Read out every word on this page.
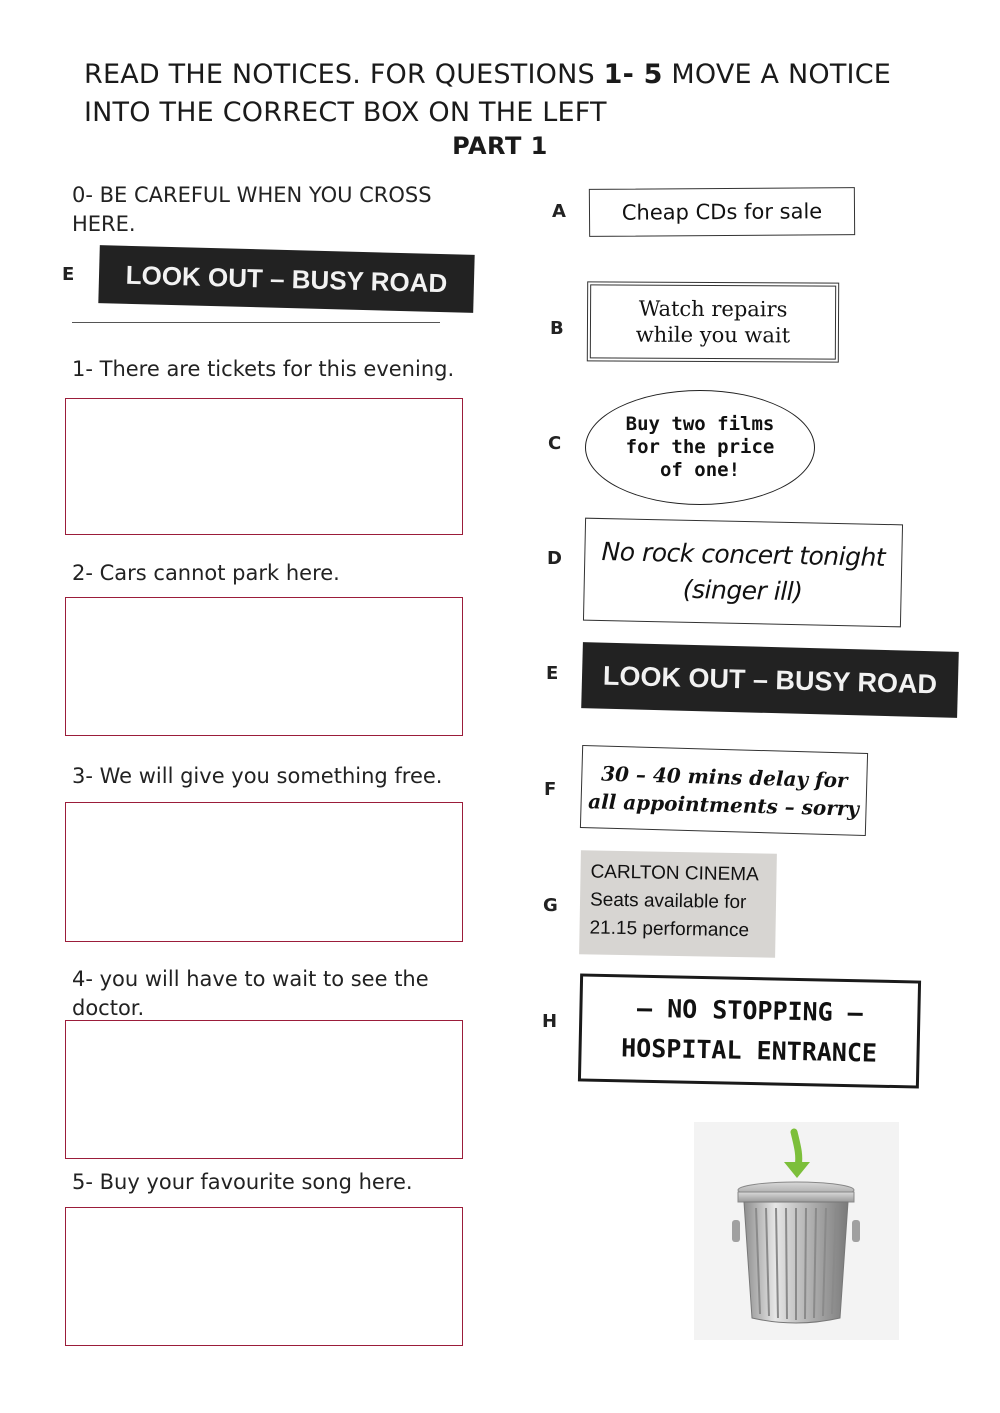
READ THE NOTICES. FOR QUESTIONS 1- 5 MOVE A NOTICE INTO THE CORRECT BOX ON THE LEFT
PART 1
0- BE CAREFUL WHEN YOU CROSS HERE.
E	LOOK OUT – BUSY ROAD
1- There are tickets for this evening.
2- Cars cannot park here.
3- We will give you something free.
4- you will have to wait to see the doctor.
5- Buy your favourite song here.
A	Cheap CDs for sale
B
Watch repairs
while you wait
C
Buy two films
for the price
of one!
D No rock concert tonight
(singer ill)
E	LOOK OUT – BUSY ROAD
F	30 – 40 mins delay for
all appointments – sorry
G
CARLTON CINEMA
Seats available for
21.15 performance
H	– NO STOPPING –
HOSPITAL ENTRANCE
